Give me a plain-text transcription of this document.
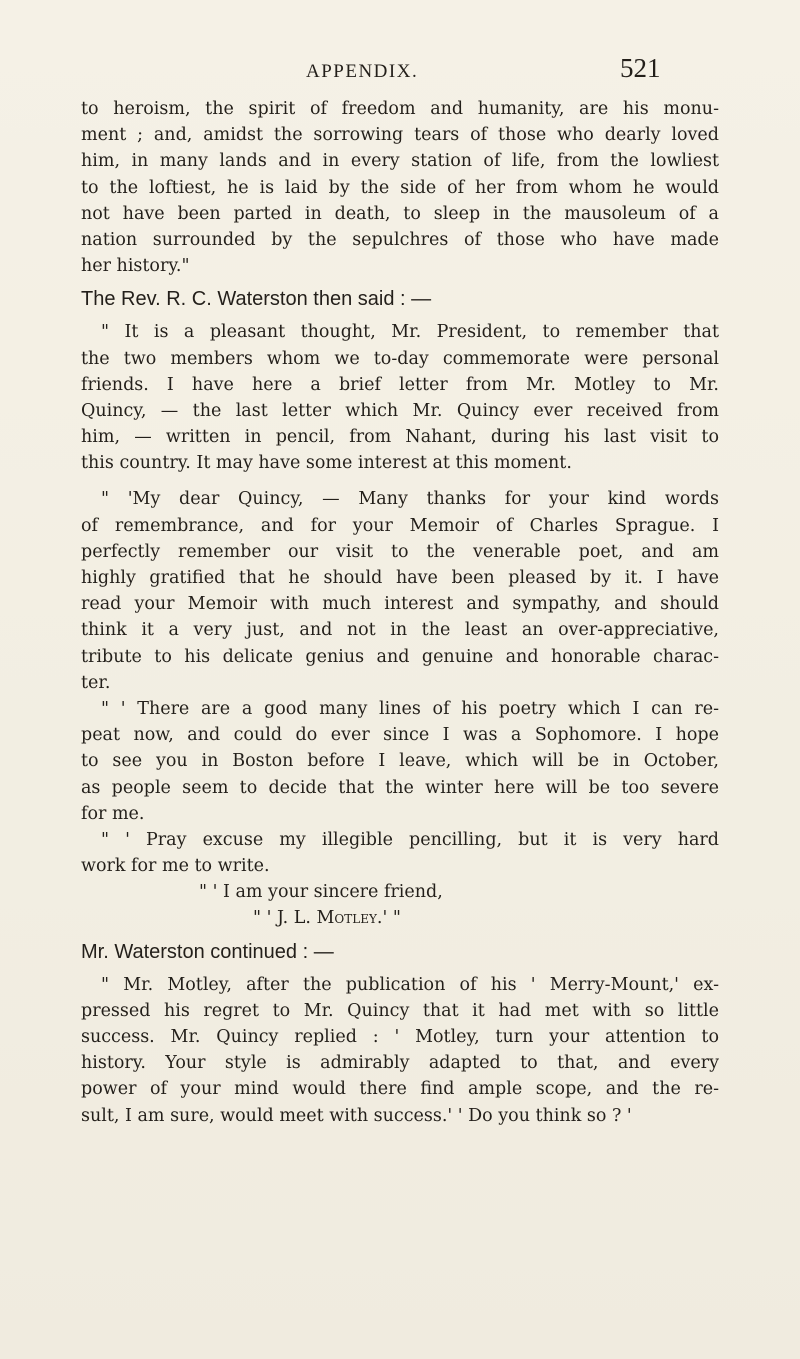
APPENDIX.	521
to heroism, the spirit of freedom and humanity, are his monu-
ment ; and, amidst the sorrowing tears of those who dearly loved
him, in many lands and in every station of life, from the lowliest
to the loftiest, he is laid by the side of her from whom he would
not have been parted in death, to sleep in the mausoleum of a
nation surrounded by the sepulchres of those who have made
her history."
The Rev. R. C. Waterston then said : —
" It is a pleasant thought, Mr. President, to remember that
the two members whom we to-day commemorate were personal
friends. I have here a brief letter from Mr. Motley to Mr.
Quincy, — the last letter which Mr. Quincy ever received from
him, — written in pencil, from Nahant, during his last visit to
this country. It may have some interest at this moment.
" 'My dear Quincy, — Many thanks for your kind words
of remembrance, and for your Memoir of Charles Sprague. I
perfectly remember our visit to the venerable poet, and am
highly gratified that he should have been pleased by it. I have
read your Memoir with much interest and sympathy, and should
think it a very just, and not in the least an over-appreciative,
tribute to his delicate genius and genuine and honorable charac-
ter.
" ' There are a good many lines of his poetry which I can re-
peat now, and could do ever since I was a Sophomore. I hope
to see you in Boston before I leave, which will be in October,
as people seem to decide that the winter here will be too severe
for me.
" ' Pray excuse my illegible pencilling, but it is very hard
work for me to write.
" ' I am your sincere friend,
" ' J. L. Motley.' "
Mr. Waterston continued : —
" Mr. Motley, after the publication of his ' Merry-Mount,' ex-
pressed his regret to Mr. Quincy that it had met with so little
success. Mr. Quincy replied : ' Motley, turn your attention to
history. Your style is admirably adapted to that, and every
power of your mind would there find ample scope, and the re-
sult, I am sure, would meet with success.' ' Do you think so ? '
